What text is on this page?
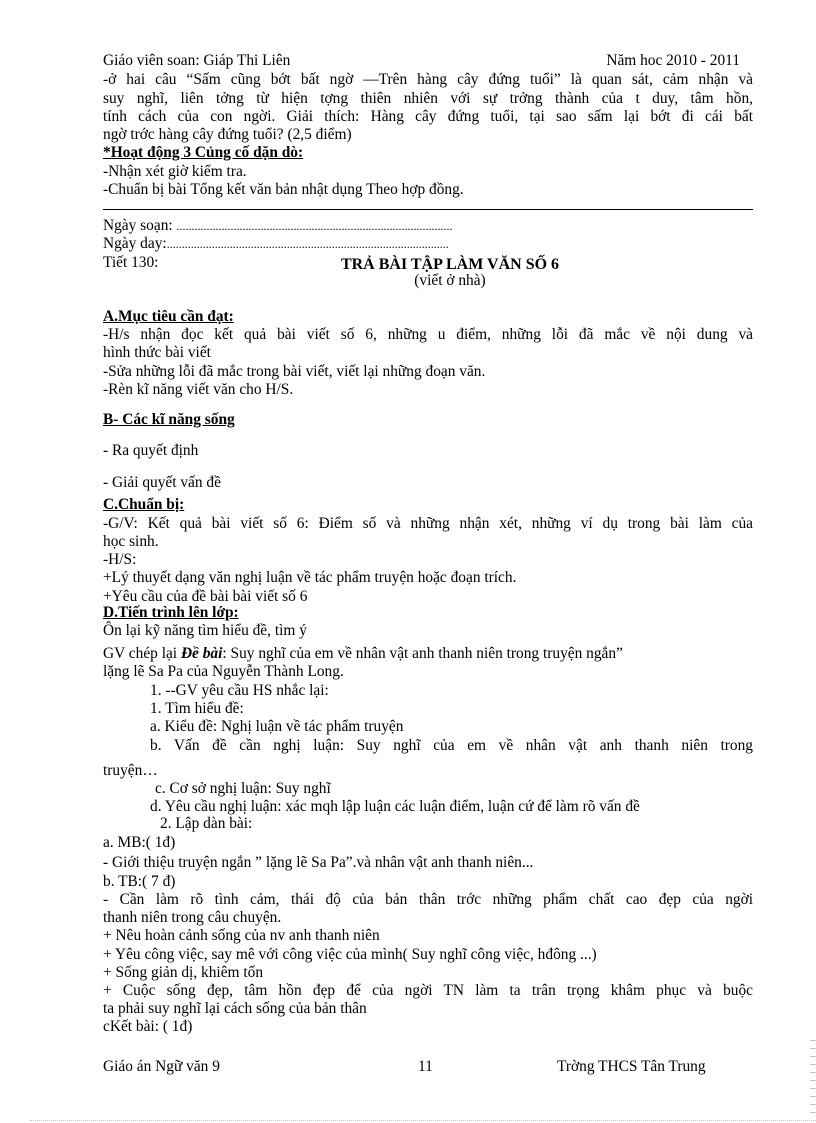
Giáo viên soan: Giáp Thi Liên	Năm hoc 2010 - 2011
-ở hai câu “Sấm cũng bớt bất ngờ —Trên hàng cây đứng tuổi” là quan sát, cảm nhận và
suy nghĩ, liên tởng từ hiện tợng thiên nhiên với sự trởng thành của t duy, tâm hồn,
tính cách của con ngời. Giải thích: Hàng cây đứng tuổi, tại sao sấm lại bớt đi cái bất
ngờ trớc hàng cây đứng tuổi? (2,5 điểm)
*Hoạt động 3 Củng cố dặn dò:
-Nhận xét giờ kiểm tra.
-Chuẩn bị bài Tổng kết văn bản nhật dụng Theo hợp đồng.
Ngày soạn: ............................................................................................
Ngày day:..............................................................................................
Tiết 130:	TRẢ BÀI TẬP LÀM VĂN SỐ 6
(viết ở nhà)
A.Mục tiêu cần đạt:
-H/s nhận đọc kết quả bài viết số 6, những u điểm, những lỗi đã mắc về nội dung và
hình thức bài viết
-Sửa những lỗi đã mắc trong bài viết, viết lại những đoạn văn.
-Rèn kĩ năng viết văn cho H/S.
B- Các kĩ năng sống
- Ra quyết định
- Giải quyết vấn đề
C.Chuẩn bị:
-G/V: Kết quả bài viết số 6: Điểm số và những nhận xét, những ví dụ trong bài làm của
học sinh.
-H/S:
+Lý thuyết dạng văn nghị luận về tác phẩm truyện hoặc đoạn trích.
+Yêu cầu của đề bài bài viết số 6
D.Tiến trình lên lớp:
Ôn lại kỹ năng tìm hiểu đề, tìm ý
GV chép lại Đề bài: Suy nghĩ của em về nhân vật anh thanh niên trong truyện ngắn”
lặng lẽ Sa Pa của Nguyễn Thành Long.
1. --GV yêu cầu HS nhắc lại:
1. Tìm hiểu đề:
a. Kiểu đề: Nghị luận về tác phẩm truyện
b. Vấn đề cần nghị luận: Suy nghĩ của em về nhân vật anh thanh niên trong
truyện…
c. Cơ sở nghị luận: Suy nghĩ
d. Yêu cầu nghị luận: xác mqh lập luận các luận điểm, luận cứ để làm rõ vấn đề
2. Lập dàn bài:
a. MB:( 1đ)
- Giới thiệu truyện ngắn ” lặng lẽ Sa Pa”.và nhân vật anh thanh niên...
b. TB:( 7 đ)
- Cần làm rõ tình cảm, thái độ của bản thân trớc những phẩm chất cao đẹp của ngời
thanh niên trong câu chuyện.
+ Nêu hoàn cảnh sống của nv anh thanh niên
+ Yêu công việc, say mê với công việc của mình( Suy nghĩ công việc, hđông ...)
+ Sống giản dị, khiêm tốn
+ Cuộc sống đẹp, tâm hồn đẹp để của ngời TN làm ta trân trọng khâm phục và buộc
ta phải suy nghĩ lại cách sống của bản thân
cKết bài: ( 1đ)
Giáo án Ngữ văn 9	11	Trờng THCS Tân Trung
